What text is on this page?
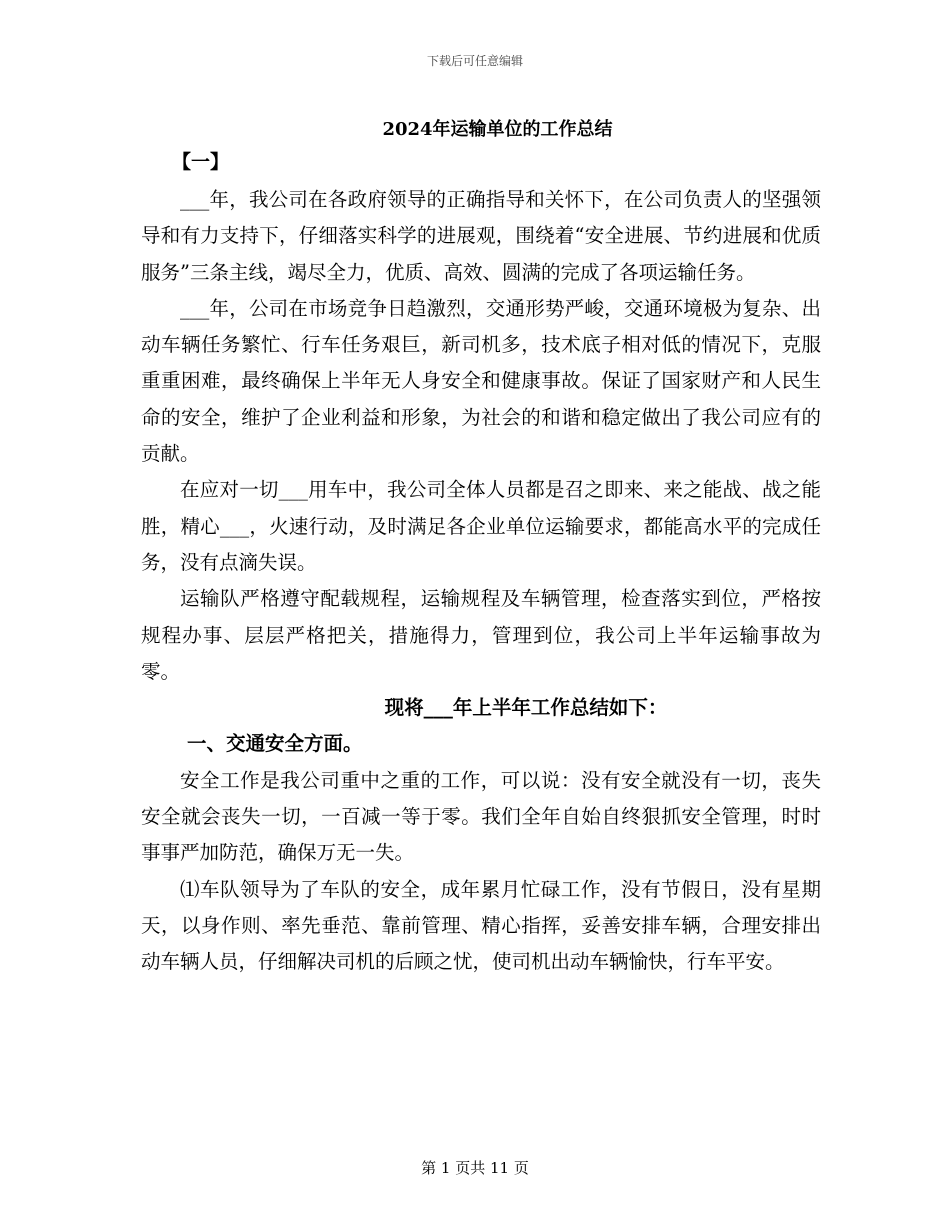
下载后可任意编辑
2024年运输单位的工作总结
【一】

___年，我公司在各政府领导的正确指导和关怀下，在公司负责人的坚强领导和有力支持下，仔细落实科学的进展观，围绕着“安全进展、节约进展和优质服务”三条主线，竭尽全力，优质、高效、圆满的完成了各项运输任务。

___年，公司在市场竞争日趋激烈，交通形势严峻，交通环境极为复杂、出动车辆任务繁忙、行车任务艰巨，新司机多，技术底子相对低的情况下，克服重重困难，最终确保上半年无人身安全和健康事故。保证了国家财产和人民生命的安全，维护了企业利益和形象，为社会的和谐和稳定做出了我公司应有的贡献。

在应对一切___用车中，我公司全体人员都是召之即来、来之能战、战之能胜，精心___，火速行动，及时满足各企业单位运输要求，都能高水平的完成任务，没有点滴失误。

运输队严格遵守配载规程，运输规程及车辆管理，检查落实到位，严格按规程办事、层层严格把关，措施得力，管理到位，我公司上半年运输事故为零。

现将___年上半年工作总结如下：

一、交通安全方面。

安全工作是我公司重中之重的工作，可以说：没有安全就没有一切，丧失安全就会丧失一切，一百减一等于零。我们全年自始自终狠抓安全管理，时时事事严加防范，确保万无一失。

⑴车队领导为了车队的安全，成年累月忙碌工作，没有节假日，没有星期天，以身作则、率先垂范、靠前管理、精心指挥，妥善安排车辆，合理安排出动车辆人员，仔细解决司机的后顾之忧，使司机出动车辆愉快，行车平安。

第 1 页共 11 页
